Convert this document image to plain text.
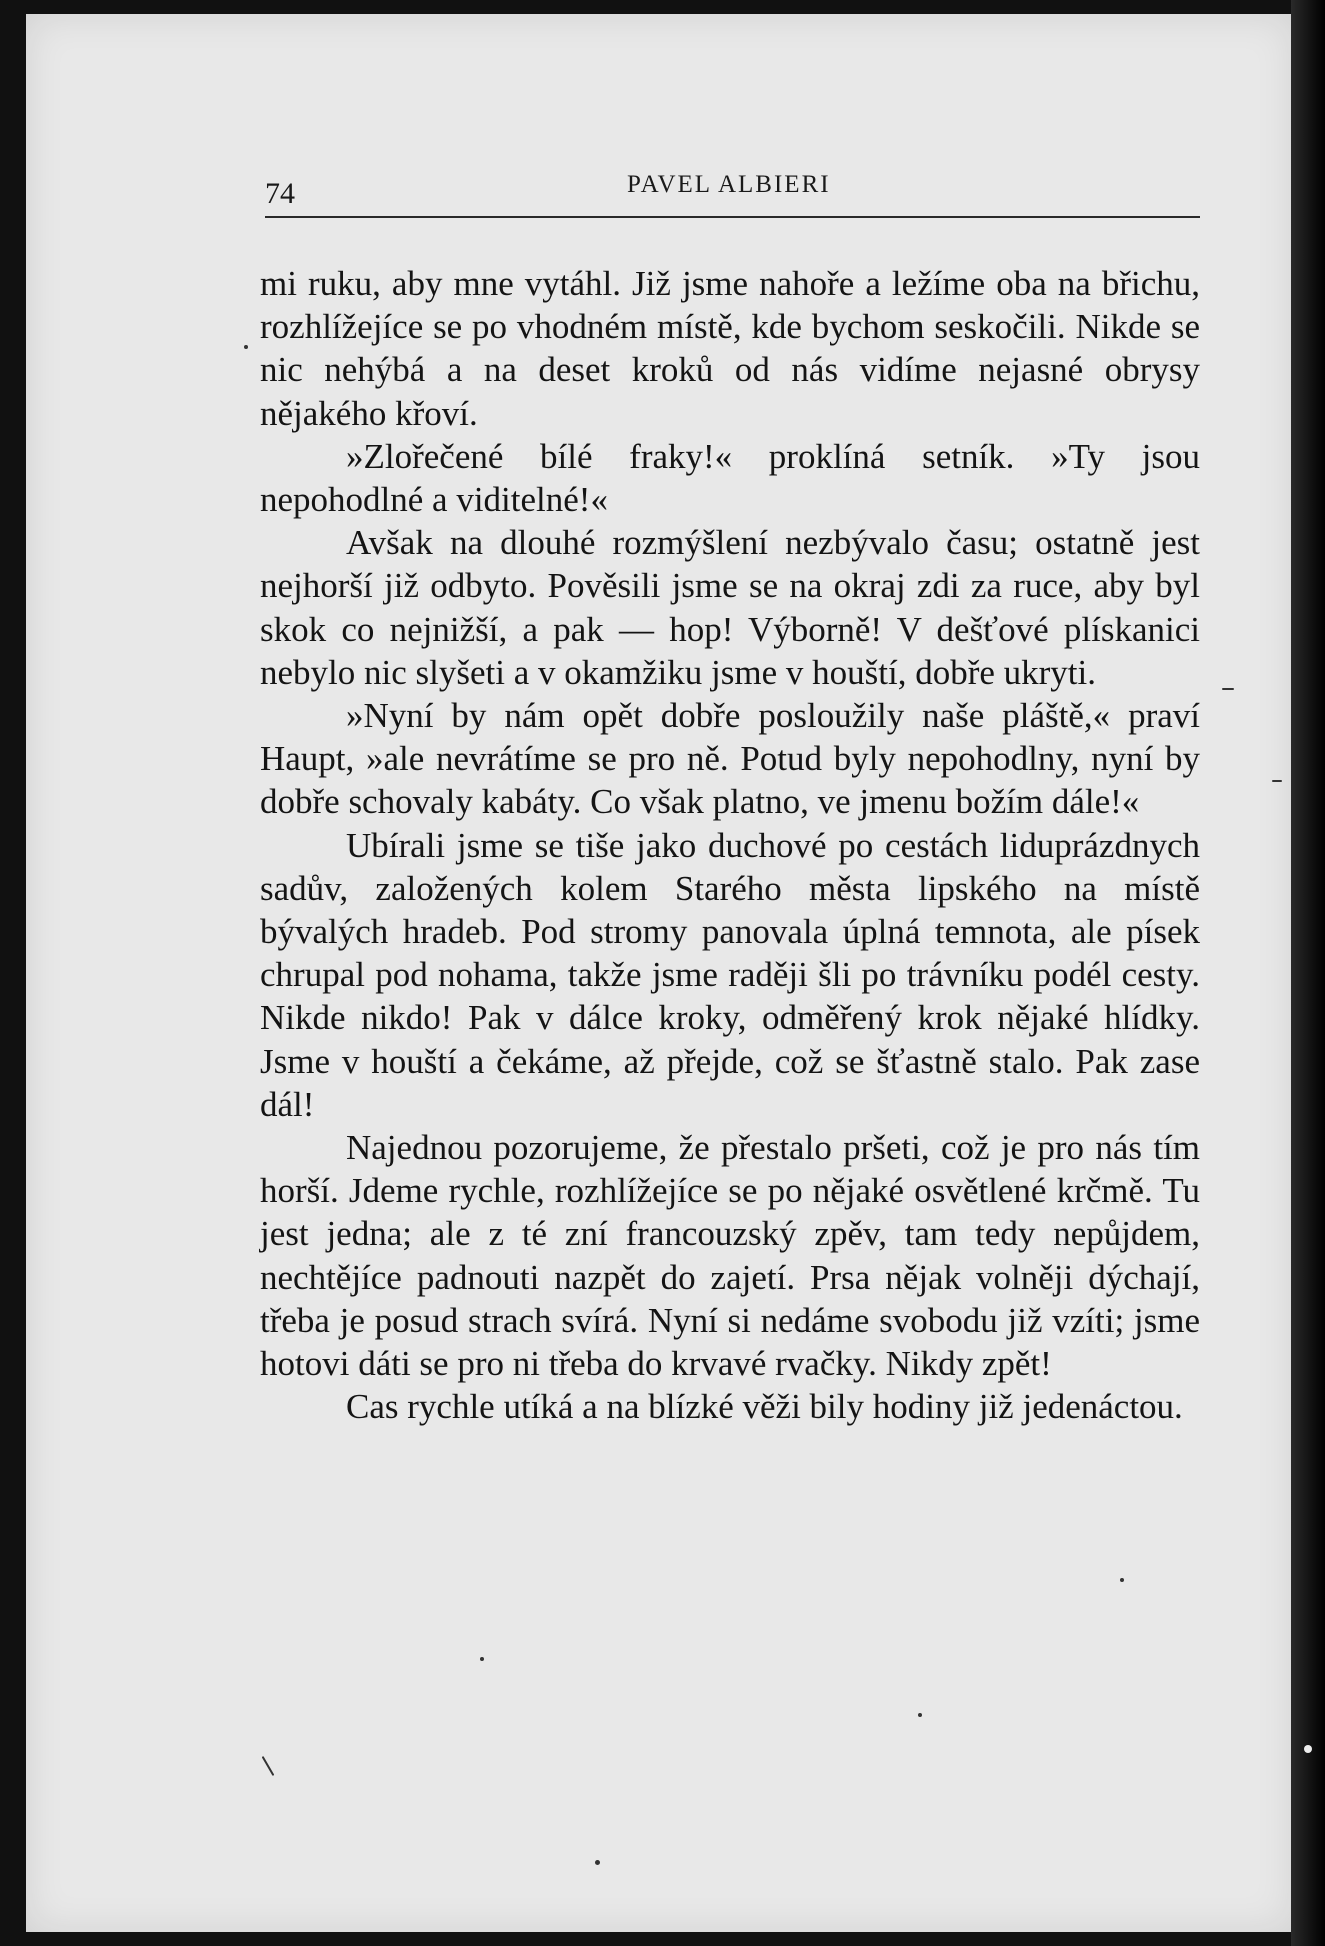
74	PAVEL ALBIERI

mi ruku, aby mne vytáhl. Již jsme nahoře a ležíme oba na břichu, rozhlížejíce se po vhodném místě, kde bychom seskočili. Nikde se nic nehýbá a na deset kroků od nás vidíme nejasné obrysy nějakého křoví.

»Zlořečené bílé fraky!« proklíná setník. »Ty jsou nepohodlné a viditelné!«

Avšak na dlouhé rozmýšlení nezbývalo času; ostatně jest nejhorší již odbyto. Pověsili jsme se na okraj zdi za ruce, aby byl skok co nejnižší, a pak — hop! Výborně! V dešťové plískanici nebylo nic slyšeti a v okamžiku jsme v houští, dobře ukryti.

»Nyní by nám opět dobře posloužily naše pláště,« praví Haupt, »ale nevrátíme se pro ně. Potud byly nepohodlny, nyní by dobře schovaly kabáty. Co však platno, ve jmenu božím dále!«

Ubírali jsme se tiše jako duchové po cestách liduprázdnych sadův, založených kolem Starého města lipského na místě bývalých hradeb. Pod stromy panovala úplná temnota, ale písek chrupal pod nohama, takže jsme raději šli po trávníku podél cesty. Nikde nikdo! Pak v dálce kroky, odměřený krok nějaké hlídky. Jsme v houští a čekáme, až přejde, což se šťastně stalo. Pak zase dál!

Najednou pozorujeme, že přestalo pršeti, což je pro nás tím horší. Jdeme rychle, rozhlížejíce se po nějaké osvětlené krčmě. Tu jest jedna; ale z té zní francouzský zpěv, tam tedy nepůjdem, nechtějíce padnouti nazpět do zajetí. Prsa nějak volněji dýchají, třeba je posud strach svírá. Nyní si nedáme svobodu již vzíti; jsme hotovi dáti se pro ni třeba do krvavé rvačky. Nikdy zpět!

Cas rychle utíká a na blízké věži bily hodiny již jedenáctou.
